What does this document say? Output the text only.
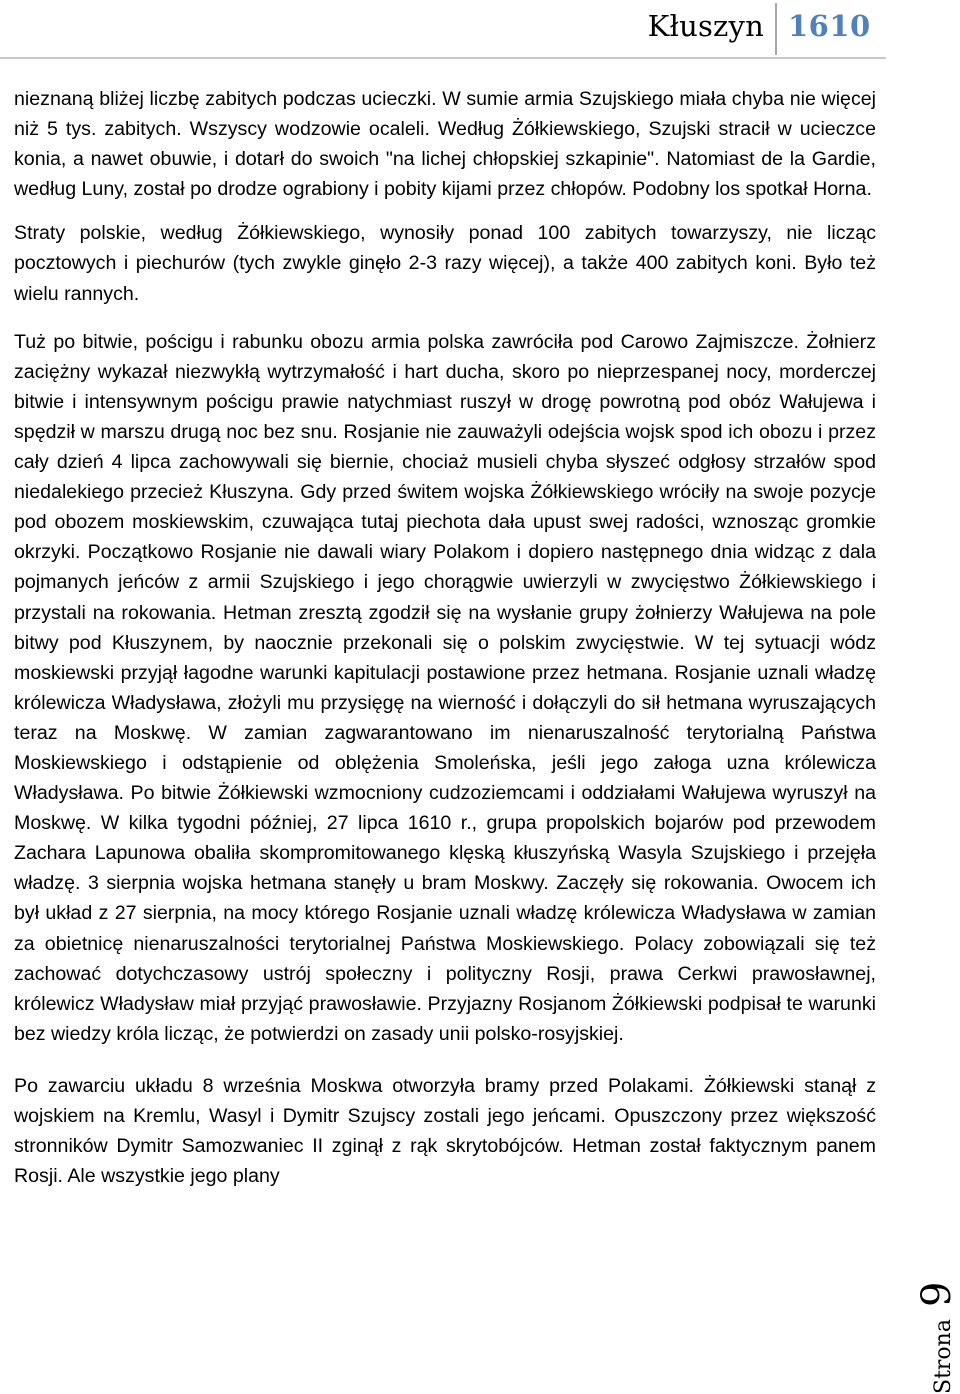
Kłuszyn 1610

nieznaną bliżej liczbę zabitych podczas ucieczki. W sumie armia Szujskiego miała chyba nie więcej niż 5 tys. zabitych. Wszyscy wodzowie ocaleli. Według Żółkiewskiego, Szujski stracił w ucieczce konia, a nawet obuwie, i dotarł do swoich "na lichej chłopskiej szkapinie". Natomiast de la Gardie, według Luny, został po drodze ograbiony i pobity kijami przez chłopów. Podobny los spotkał Horna.

Straty polskie, według Żółkiewskiego, wynosiły ponad 100 zabitych towarzyszy, nie licząc pocztowych i piechurów (tych zwykle ginęło 2-3 razy więcej), a także 400 zabitych koni. Było też wielu rannych.

Tuż po bitwie, pościgu i rabunku obozu armia polska zawróciła pod Carowo Zajmiszcze. Żołnierz zaciężny wykazał niezwykłą wytrzymałość i hart ducha, skoro po nieprzespanej nocy, morderczej bitwie i intensywnym pościgu prawie natychmiast ruszył w drogę powrotną pod obóz Wałujewa i spędził w marszu drugą noc bez snu. Rosjanie nie zauważyli odejścia wojsk spod ich obozu i przez cały dzień 4 lipca zachowywali się biernie, chociaż musieli chyba słyszeć odgłosy strzałów spod niedalekiego przecież Kłuszyna. Gdy przed świtem wojska Żółkiewskiego wróciły na swoje pozycje pod obozem moskiewskim, czuwająca tutaj piechota dała upust swej radości, wznosząc gromkie okrzyki. Początkowo Rosjanie nie dawali wiary Polakom i dopiero następnego dnia widząc z dala pojmanych jeńców z armii Szujskiego i jego chorągwie uwierzyli w zwycięstwo Żółkiewskiego i przystali na rokowania. Hetman zresztą zgodził się na wysłanie grupy żołnierzy Wałujewa na pole bitwy pod Kłuszynem, by naocznie przekonali się o polskim zwycięstwie. W tej sytuacji wódz moskiewski przyjął łagodne warunki kapitulacji postawione przez hetmana. Rosjanie uznali władzę królewicza Władysława, złożyli mu przysięgę na wierność i dołączyli do sił hetmana wyruszających teraz na Moskwę. W zamian zagwarantowano im nienaruszalność terytorialną Państwa Moskiewskiego i odstąpienie od oblężenia Smoleńska, jeśli jego załoga uzna królewicza Władysława. Po bitwie Żółkiewski wzmocniony cudzoziemcami i oddziałami Wałujewa wyruszył na Moskwę. W kilka tygodni później, 27 lipca 1610 r., grupa propolskich bojarów pod przewodem Zachara Lapunowa obaliła skompromitowanego klęską kłuszyńską Wasyla Szujskiego i przejęła władzę. 3 sierpnia wojska hetmana stanęły u bram Moskwy. Zaczęły się rokowania. Owocem ich był układ z 27 sierpnia, na mocy którego Rosjanie uznali władzę królewicza Władysława w zamian za obietnicę nienaruszalności terytorialnej Państwa Moskiewskiego. Polacy zobowiązali się też zachować dotychczasowy ustrój społeczny i polityczny Rosji, prawa Cerkwi prawosławnej, królewicz Władysław miał przyjąć prawosławie. Przyjazny Rosjanom Żółkiewski podpisał te warunki bez wiedzy króla licząc, że potwierdzi on zasady unii polsko-rosyjskiej.

Po zawarciu układu 8 września Moskwa otworzyła bramy przed Polakami. Żółkiewski stanął z wojskiem na Kremlu, Wasyl i Dymitr Szujscy zostali jego jeńcami. Opuszczony przez większość stronników Dymitr Samozwaniec II zginął z rąk skrytobójców. Hetman został faktycznym panem Rosji. Ale wszystkie jego plany

Strona9
